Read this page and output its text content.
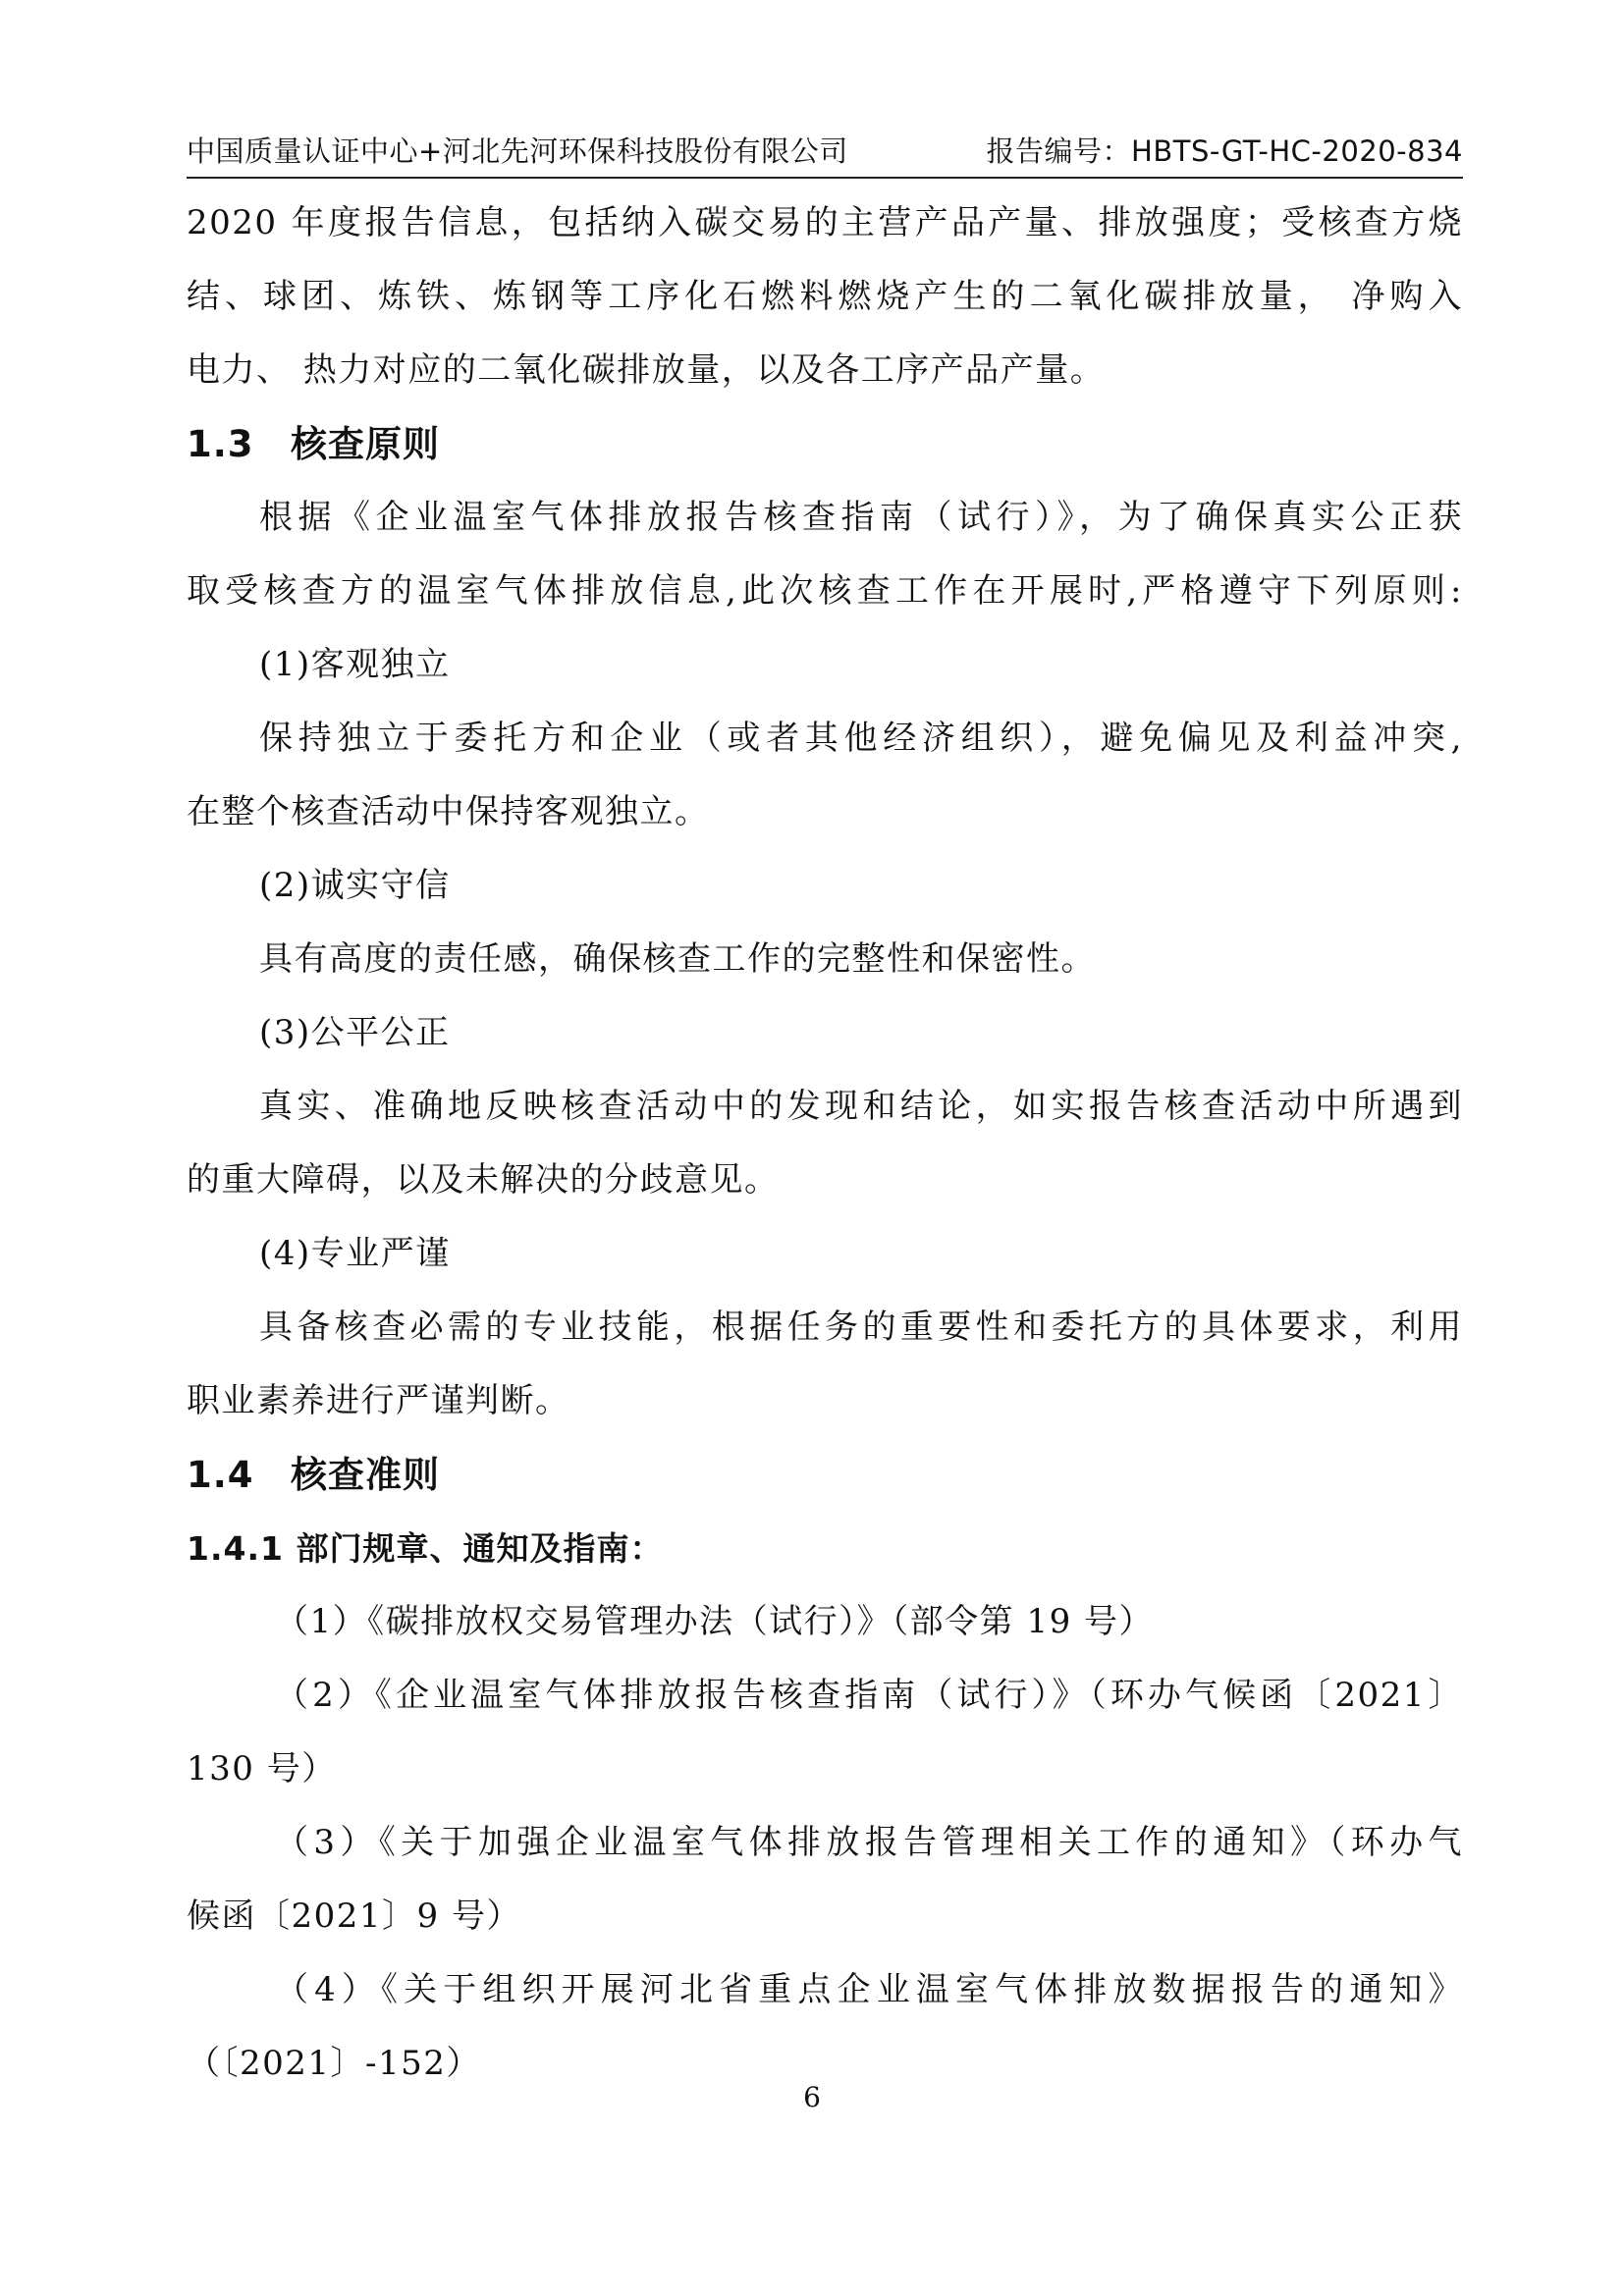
中国质量认证中心+河北先河环保科技股份有限公司	报告编号：HBTS-GT-HC-2020-834

2020 年度报告信息，包括纳入碳交易的主营产品产量、排放强度；受核查方烧

结、球团、炼铁、炼钢等工序化石燃料燃烧产生的二氧化碳排放量， 净购入

电力、 热力对应的二氧化碳排放量，以及各工序产品产量。

1.3 核查原则

根据《企业温室气体排放报告核查指南（试行）》，为了确保真实公正获

取受核查方的温室气体排放信息,此次核查工作在开展时,严格遵守下列原则:

(1)客观独立

保持独立于委托方和企业（或者其他经济组织），避免偏见及利益冲突,

在整个核查活动中保持客观独立。

(2)诚实守信

具有高度的责任感，确保核查工作的完整性和保密性。

(3)公平公正

真实、准确地反映核查活动中的发现和结论，如实报告核查活动中所遇到

的重大障碍，以及未解决的分歧意见。

(4)专业严谨

具备核查必需的专业技能，根据任务的重要性和委托方的具体要求，利用

职业素养进行严谨判断。

1.4 核查准则
1.4.1 部门规章、通知及指南：

（1）《碳排放权交易管理办法（试行）》（部令第 19 号）

（2）《企业温室气体排放报告核查指南（试行）》（环办气候函〔2021〕

130 号）

（3）《关于加强企业温室气体排放报告管理相关工作的通知》（环办气

候函〔2021〕9 号）

（4）《关于组织开展河北省重点企业温室气体排放数据报告的通知》

（〔2021〕-152）

6
